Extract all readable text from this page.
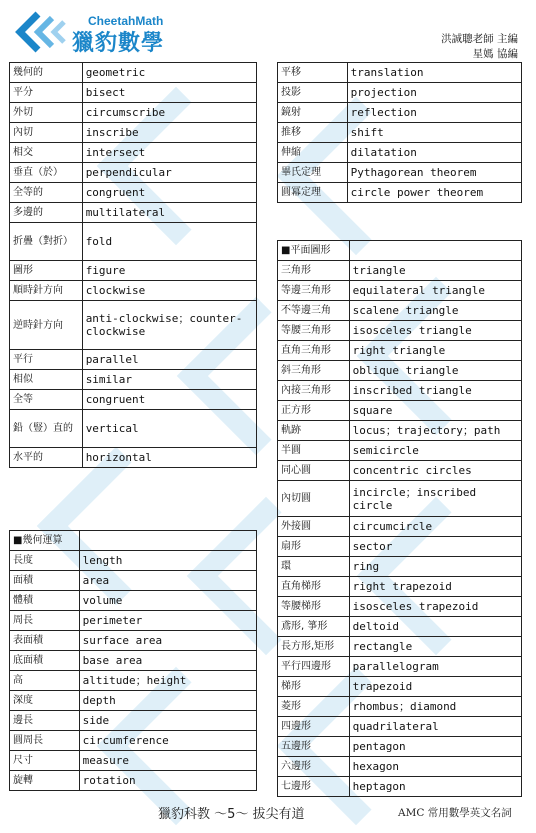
CheetahMath
獵豹數學	洪誠聰老師 主編
星媽 協編
幾何的	geometric
平分	bisect
外切	circumscribe
內切	inscribe
相交	intersect
垂直（於）	perpendicular
全等的	congruent
多邊的	multilateral
折疊（對折）	fold
圖形	figure
順時針方向	clockwise
逆時針方向	anti-clockwise；counter-clockwise
平行	parallel
相似	similar
全等	congruent
鉛（豎）直的	vertical
水平的	horizontal
■幾何運算	
長度	length
面積	area
體積	volume
周長	perimeter
表面積	surface area
底面積	base area
高	altitude；height
深度	depth
邊長	side
圓周長	circumference
尺寸	measure
旋轉	rotation
平移	translation
投影	projection
鏡射	reflection
推移	shift
伸縮	dilatation
畢氏定理	Pythagorean theorem
圓冪定理	circle power theorem
■平面圖形	
三角形	triangle
等邊三角形	equilateral triangle
不等邊三角	scalene triangle
等腰三角形	isosceles triangle
直角三角形	right triangle
斜三角形	oblique triangle
內接三角形	inscribed triangle
正方形	square
軌跡	locus；trajectory；path
半圓	semicircle
同心圓	concentric circles
內切圓	incircle；inscribed circle
外接圓	circumcircle
扇形	sector
環	ring
直角梯形	right trapezoid
等腰梯形	isosceles trapezoid
鳶形, 箏形	deltoid
長方形,矩形	rectangle
平行四邊形	parallelogram
梯形	trapezoid
菱形	rhombus；diamond
四邊形	quadrilateral
五邊形	pentagon
六邊形	hexagon
七邊形	heptagon
獵豹科教 ～5～ 拔尖有道	AMC 常用數學英文名詞
